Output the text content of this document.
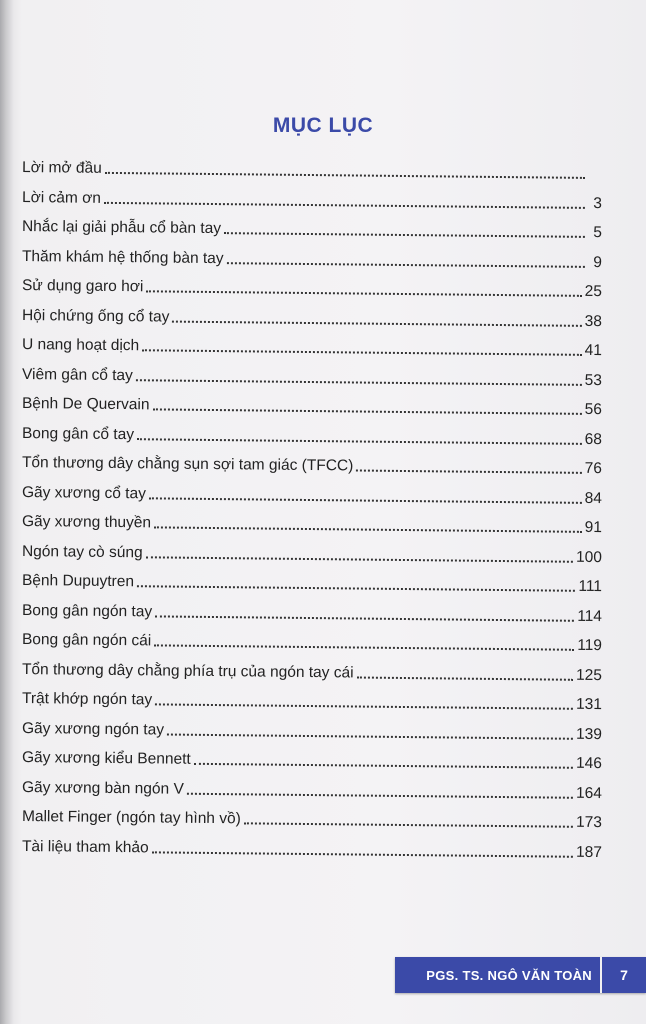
MỤC LỤC
Lời mở đầu
Lời cảm ơn	3
Nhắc lại giải phẫu cổ bàn tay	5
Thăm khám hệ thống bàn tay	9
Sử dụng garo hơi	25
Hội chứng ống cổ tay	38
U nang hoạt dịch	41
Viêm gân cổ tay	53
Bệnh De Quervain	56
Bong gân cổ tay	68
Tổn thương dây chằng sụn sợi tam giác (TFCC)	76
Gãy xương cổ tay	84
Gãy xương thuyền	91
Ngón tay cò súng	100
Bệnh Dupuytren	111
Bong gân ngón tay	114
Bong gân ngón cái	119
Tổn thương dây chằng phía trụ của ngón tay cái	125
Trật khớp ngón tay	131
Gãy xương ngón tay	139
Gãy xương kiểu Bennett	146
Gãy xương bàn ngón V	164
Mallet Finger (ngón tay hình vồ)	173
Tài liệu tham khảo	187
PGS. TS. NGÔ VĂN TOÀN	7
